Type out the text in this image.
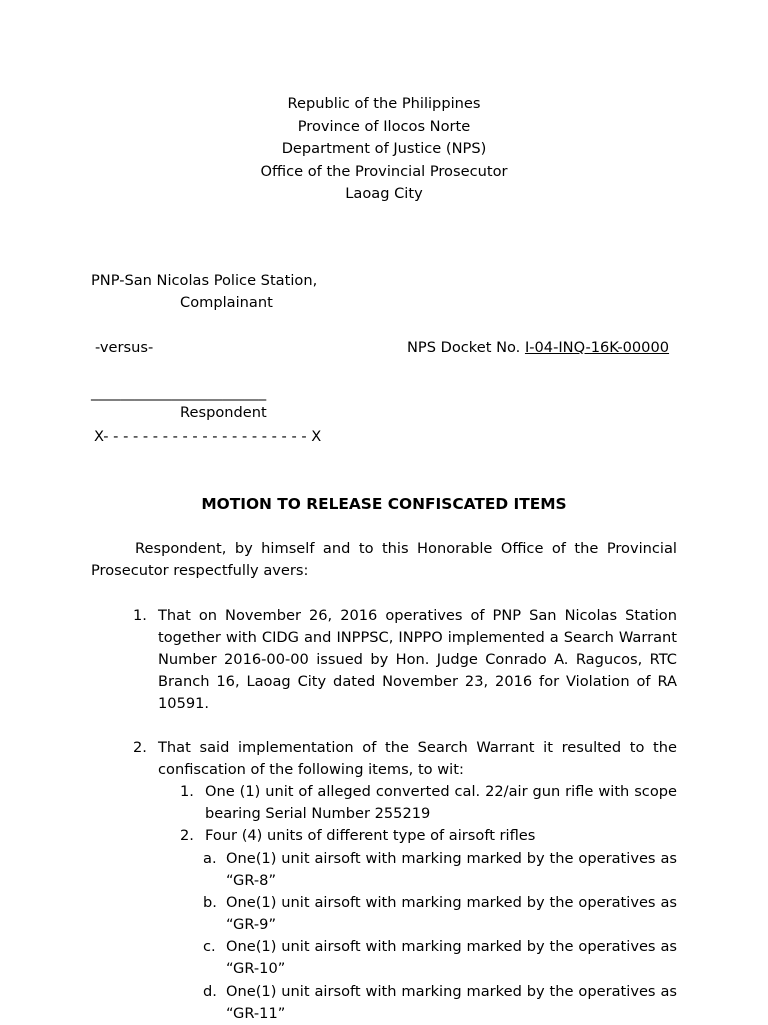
Republic of the Philippines
Province of Ilocos Norte
Department of Justice (NPS)
Office of the Provincial Prosecutor
Laoag City
PNP-San Nicolas Police Station,
Complainant
-versus-	NPS Docket No. I-04-INQ-16K-00000
________________________
Respondent
X- - - - - - - - - - - - - - - - - - - - - X
MOTION TO RELEASE CONFISCATED ITEMS
Respondent, by himself and to this Honorable Office of the Provincial
Prosecutor respectfully avers:
1. That on November 26, 2016 operatives of PNP San Nicolas Station
together with CIDG and INPPSC, INPPO implemented a Search Warrant
Number 2016-00-00 issued by Hon. Judge Conrado A. Ragucos, RTC
Branch 16, Laoag City dated November 23, 2016 for Violation of RA
10591.
2. That said implementation of the Search Warrant it resulted to the
confiscation of the following items, to wit:
1. One (1) unit of alleged converted cal. 22/air gun rifle with scope
bearing Serial Number 255219
2. Four (4) units of different type of airsoft rifles
a. One(1) unit airsoft with marking marked by the operatives as
“GR-8”
b. One(1) unit airsoft with marking marked by the operatives as
“GR-9”
c. One(1) unit airsoft with marking marked by the operatives as
“GR-10”
d. One(1) unit airsoft with marking marked by the operatives as
“GR-11”
